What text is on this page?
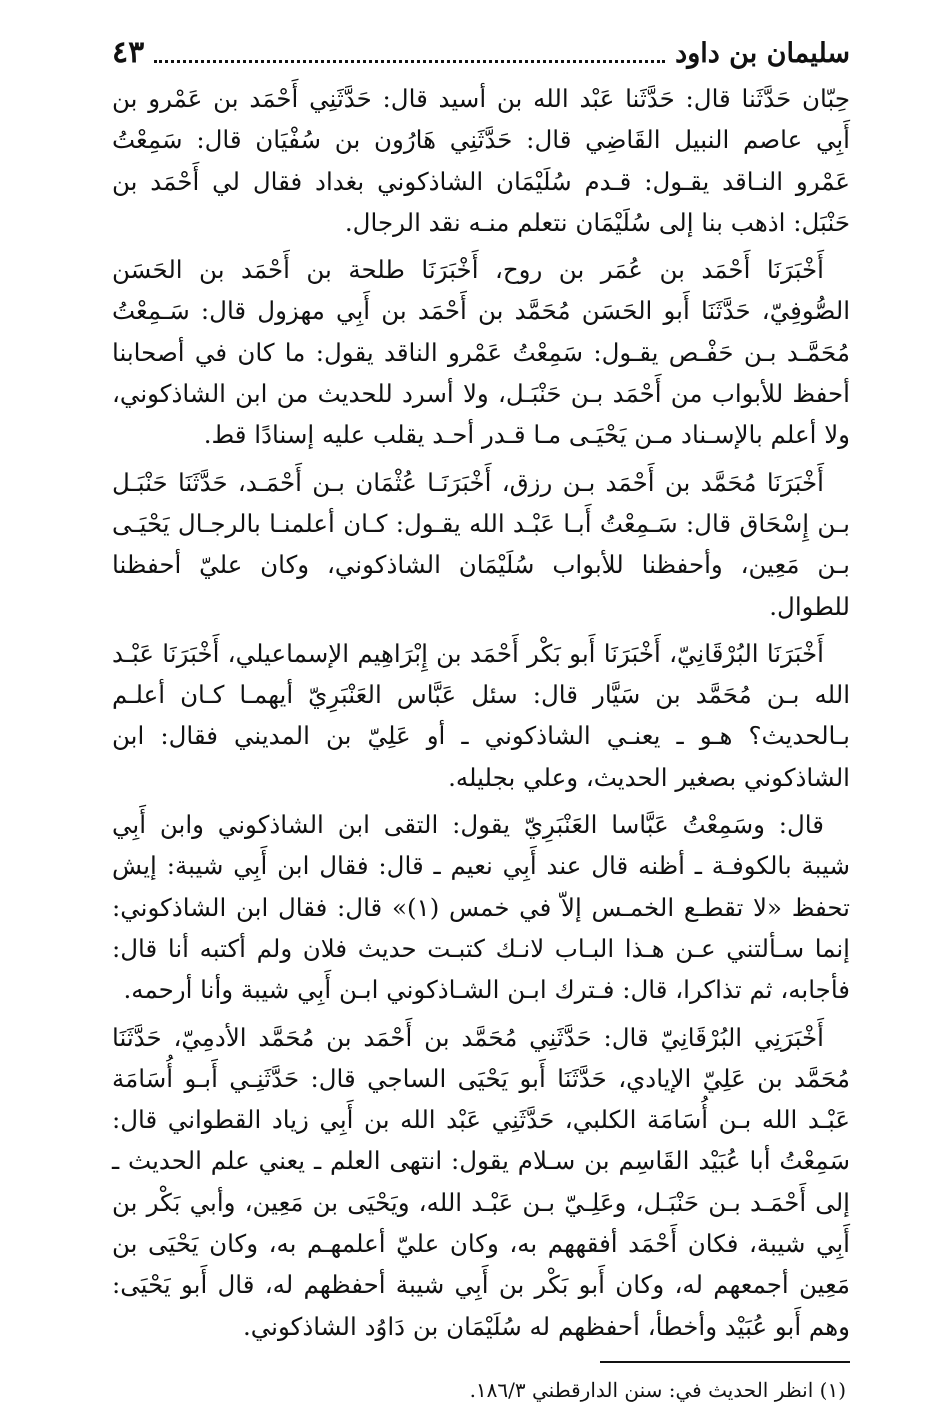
سليمان بن داود
٤٣

حِبّان حَدَّثَنا قال: حَدَّثَنا عَبْد الله بن أسيد قال: حَدَّثَنِي أَحْمَد بن عَمْرو بن أَبِي عاصم النبيل القَاضِي قال: حَدَّثَنِي هَارُون بن سُفْيَان قال: سَمِعْتُ عَمْرو النـاقد يقـول: قـدم سُلَيْمَان الشاذكوني بغداد فقال لي أَحْمَد بن حَنْبَل: اذهب بنا إلى سُلَيْمَان نتعلم منـه نقد الرجال.

أَخْبَرَنَا أَحْمَد بن عُمَر بن روح، أَخْبَرَنَا طلحة بن أَحْمَد بن الحَسَن الصُّوفِيّ، حَدَّثَنَا أَبو الحَسَن مُحَمَّد بن أَحْمَد بن أَبِي مهزول قال: سَـمِعْتُ مُحَمَّـد بـن حَفْـص يقـول: سَمِعْتُ عَمْرو الناقد يقول: ما كان في أصحابنا أحفظ للأبواب من أَحْمَد بـن حَنْبَـل، ولا أسرد للحديث من ابن الشاذكوني، ولا أعلم بالإسـناد مـن يَحْيَـى مـا قـدر أحـد يقلب عليه إسنادًا قط.

أَخْبَرَنَا مُحَمَّد بن أَحْمَد بـن رزق، أَخْبَرَنَـا عُثْمَان بـن أَحْمَـد، حَدَّثَنَا حَنْبَـل بـن إِسْحَاق قال: سَـمِعْتُ أَبـا عَبْـد الله يقـول: كـان أعلمنـا بالرجـال يَحْيَـى بـن مَعِين، وأحفظنا للأبواب سُلَيْمَان الشاذكوني، وكان عليّ أحفظنا للطوال.

أَخْبَرَنَا البُرْقَانِيّ، أَخْبَرَنَا أَبو بَكْر أَحْمَد بن إِبْرَاهِيم الإسماعيلي، أَخْبَرَنَا عَبْـد الله بـن مُحَمَّد بن سَيَّار قال: سئل عَبَّاس العَنْبَرِيّ أيهمـا كـان أعلـم بـالحديث؟ هـو ـ يعنـي الشاذكوني ـ أو عَلِيّ بن المديني فقال: ابن الشاذكوني بصغير الحديث، وعلي بجليله.

قال: وسَمِعْتُ عَبَّاسا العَنْبَرِيّ يقول: التقى ابن الشاذكوني وابن أَبِي شيبة بالكوفـة ـ أظنه قال عند أَبِي نعيم ـ قال: فقال ابن أَبِي شيبة: إيش تحفظ «لا تقطـع الخمـس إلاّ في خمس (١)» قال: فقال ابن الشاذكوني: إنما سـألتني عـن هـذا البـاب لانـك كتبـت حديث فلان ولم أكتبه أنا قال: فأجابه، ثم تذاكرا، قال: فـترك ابـن الشـاذكوني ابـن أَبِي شيبة وأنا أرحمه.

أَخْبَرَنِي البُرْقَانِيّ قال: حَدَّثَنِي مُحَمَّد بن أَحْمَد بن مُحَمَّد الأدمِيّ، حَدَّثَنَا مُحَمَّد بن عَلِيّ الإيادي، حَدَّثَنَا أَبو يَحْيَى الساجي قال: حَدَّثَنِـي أَبـو أُسَامَة عَبْـد الله بـن أُسَامَة الكلبي، حَدَّثَنِي عَبْد الله بن أَبِي زياد القطواني قال: سَمِعْتُ أبا عُبَيْد القَاسِم بن سـلام يقول: انتهى العلم ـ يعني علم الحديث ـ إلى أَحْمَـد بـن حَنْبَـل، وعَلِـيّ بـن عَبْـد الله، ويَحْيَى بن مَعِين، وأبي بَكْر بن أَبِي شيبة، فكان أَحْمَد أفقههم به، وكان عليّ أعلمهـم به، وكان يَحْيَى بن مَعِين أجمعهم له، وكان أَبو بَكْر بن أَبِي شيبة أحفظهم له، قال أَبو يَحْيَى: وهم أَبو عُبَيْد وأخطأ، أحفظهم له سُلَيْمَان بن دَاوُد الشاذكوني.

(١) انظر الحديث في: سنن الدارقطني ١٨٦/٣.
